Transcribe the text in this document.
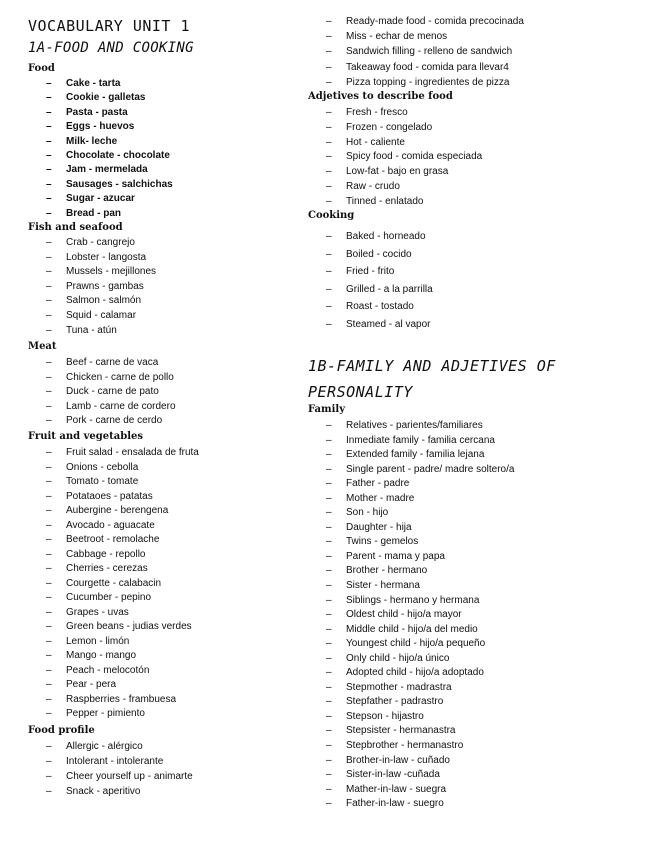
VOCABULARY UNIT 1
1A-FOOD AND COOKING
Food
– Cake - tarta
– Cookie - galletas
– Pasta - pasta
– Eggs - huevos
– Milk- leche
– Chocolate - chocolate
– Jam - mermelada
– Sausages - salchichas
– Sugar - azucar
– Bread - pan
Fish and seafood
– Crab - cangrejo
– Lobster - langosta
– Mussels - mejillones
– Prawns - gambas
– Salmon - salmón
– Squid - calamar
– Tuna - atún
Meat
– Beef - carne de vaca
– Chicken - carne de pollo
– Duck - carne de pato
– Lamb - carne de cordero
– Pork - carne de cerdo
Fruit and vegetables
– Fruit salad - ensalada de fruta
– Onions - cebolla
– Tomato - tomate
– Potataoes - patatas
– Aubergine - berengena
– Avocado - aguacate
– Beetroot - remolache
– Cabbage - repollo
– Cherries - cerezas
– Courgette - calabacin
– Cucumber - pepino
– Grapes - uvas
– Green beans - judias verdes
– Lemon - limón
– Mango - mango
– Peach - melocotón
– Pear - pera
– Raspberries - frambuesa
– Pepper - pimiento
Food profile
– Allergic - alérgico
– Intolerant - intolerante
– Cheer yourself up - animarte
– Snack - aperitivo
– Ready-made food - comida precocinada
– Miss - echar de menos
– Sandwich filling - relleno de sandwich
– Takeaway food - comida para llevar4
– Pizza topping - ingredientes de pizza
Adjetives to describe food
– Fresh - fresco
– Frozen - congelado
– Hot - caliente
– Spicy food - comida especiada
– Low-fat - bajo en grasa
– Raw - crudo
– Tinned - enlatado
Cooking
– Baked - horneado
– Boiled - cocido
– Fried - frito
– Grilled - a la parrilla
– Roast - tostado
– Steamed - al vapor
1B-FAMILY AND ADJETIVES OF
PERSONALITY
Family
– Relatives - parientes/familiares
– Inmediate family - familia cercana
– Extended family - familia lejana
– Single parent - padre/ madre soltero/a
– Father - padre
– Mother - madre
– Son - hijo
– Daughter - hija
– Twins - gemelos
– Parent - mama y papa
– Brother - hermano
– Sister - hermana
– Siblings - hermano y hermana
– Oldest child - hijo/a mayor
– Middle child - hijo/a del medio
– Youngest child - hijo/a pequeño
– Only child - hijo/a único
– Adopted child - hijo/a adoptado
– Stepmother - madrastra
– Stepfather - padrastro
– Stepson - hijastro
– Stepsister - hermanastra
– Stepbrother - hermanastro
– Brother-in-law - cuñado
– Sister-in-law -cuñada
– Mather-in-law - suegra
– Father-in-law - suegro
